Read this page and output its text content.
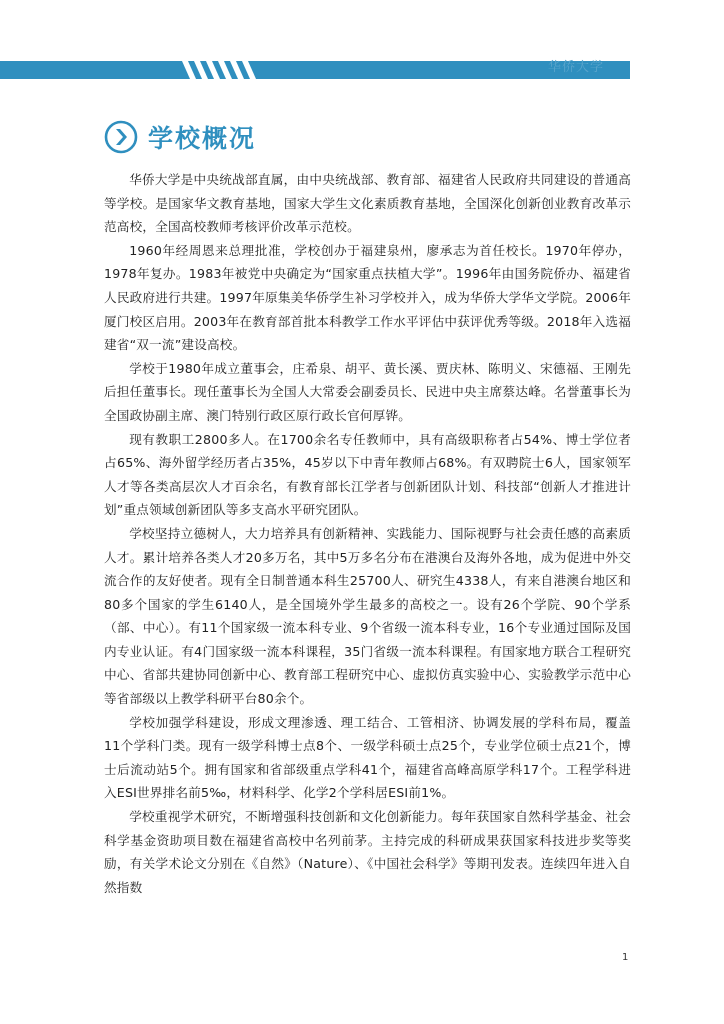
华侨大学
学校概况

华侨大学是中央统战部直属，由中央统战部、教育部、福建省人民政府共同建设的普通高等学校。是国家华文教育基地，国家大学生文化素质教育基地，全国深化创新创业教育改革示范高校，全国高校教师考核评价改革示范校。

1960年经周恩来总理批准，学校创办于福建泉州，廖承志为首任校长。1970年停办，1978年复办。1983年被党中央确定为“国家重点扶植大学”。1996年由国务院侨办、福建省人民政府进行共建。1997年原集美华侨学生补习学校并入，成为华侨大学华文学院。2006年厦门校区启用。2003年在教育部首批本科教学工作水平评估中获评优秀等级。2018年入选福建省“双一流”建设高校。

学校于1980年成立董事会，庄希泉、胡平、黄长溪、贾庆林、陈明义、宋德福、王刚先后担任董事长。现任董事长为全国人大常委会副委员长、民进中央主席蔡达峰。名誉董事长为全国政协副主席、澳门特别行政区原行政长官何厚铧。

现有教职工2800多人。在1700余名专任教师中，具有高级职称者占54%、博士学位者占65%、海外留学经历者占35%，45岁以下中青年教师占68%。有双聘院士6人，国家领军人才等各类高层次人才百余名，有教育部长江学者与创新团队计划、科技部“创新人才推进计划”重点领域创新团队等多支高水平研究团队。

学校坚持立德树人，大力培养具有创新精神、实践能力、国际视野与社会责任感的高素质人才。累计培养各类人才20多万名，其中5万多名分布在港澳台及海外各地，成为促进中外交流合作的友好使者。现有全日制普通本科生25700人、研究生4338人，有来自港澳台地区和80多个国家的学生6140人，是全国境外学生最多的高校之一。设有26个学院、90个学系（部、中心）。有11个国家级一流本科专业、9个省级一流本科专业，16个专业通过国际及国内专业认证。有4门国家级一流本科课程，35门省级一流本科课程。有国家地方联合工程研究中心、省部共建协同创新中心、教育部工程研究中心、虚拟仿真实验中心、实验教学示范中心等省部级以上教学科研平台80余个。

学校加强学科建设，形成文理渗透、理工结合、工管相济、协调发展的学科布局，覆盖11个学科门类。现有一级学科博士点8个、一级学科硕士点25个，专业学位硕士点21个，博士后流动站5个。拥有国家和省部级重点学科41个，福建省高峰高原学科17个。工程学科进入ESI世界排名前5‰，材料科学、化学2个学科居ESI前1%。

学校重视学术研究，不断增强科技创新和文化创新能力。每年获国家自然科学基金、社会科学基金资助项目数在福建省高校中名列前茅。主持完成的科研成果获国家科技进步奖等奖励，有关学术论文分别在《自然》（Nature）、《中国社会科学》等期刊发表。连续四年进入自然指数

1
